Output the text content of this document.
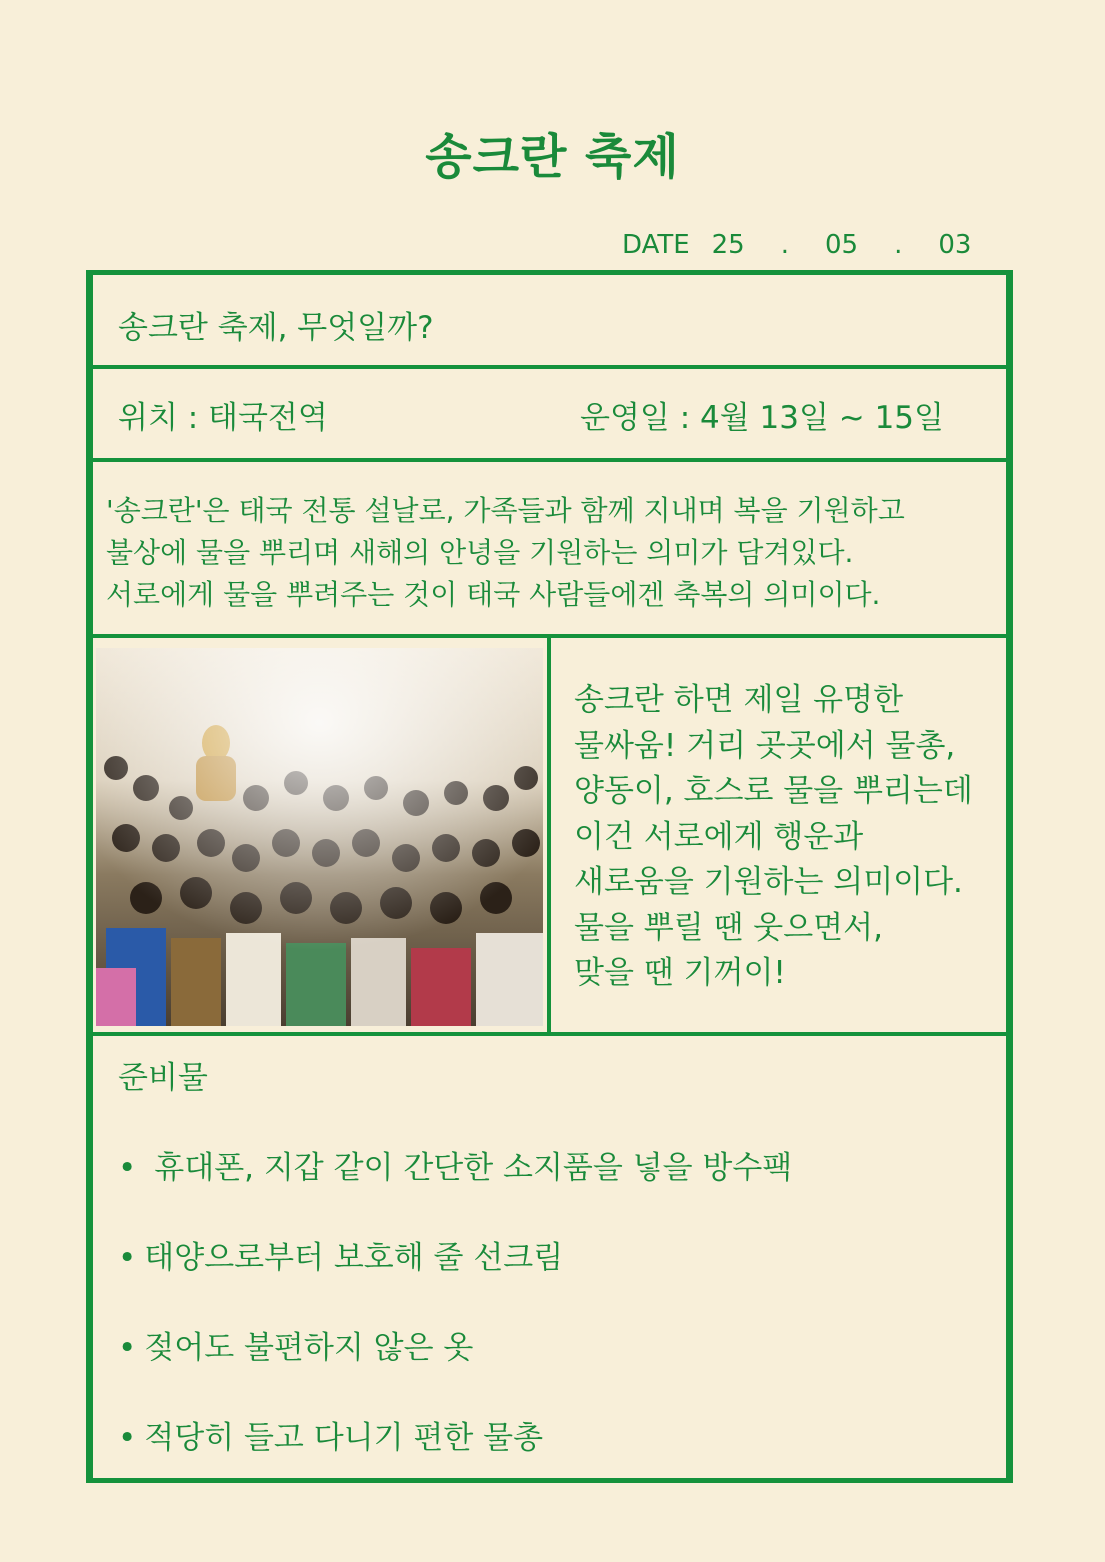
송크란 축제
DATE 25 . 05 . 03
송크란 축제, 무엇일까?
위치 : 태국전역	운영일 : 4월 13일 ~ 15일
'송크란'은 태국 전통 설날로, 가족들과 함께 지내며 복을 기원하고
불상에 물을 뿌리며 새해의 안녕을 기원하는 의미가 담겨있다.
서로에게 물을 뿌려주는 것이 태국 사람들에겐 축복의 의미이다.
송크란 하면 제일 유명한
물싸움! 거리 곳곳에서 물총,
양동이, 호스로 물을 뿌리는데
이건 서로에게 행운과
새로움을 기원하는 의미이다.
물을 뿌릴 땐 웃으면서,
맞을 땐 기꺼이!
준비물
• 휴대폰, 지갑 같이 간단한 소지품을 넣을 방수팩
• 태양으로부터 보호해 줄 선크림
• 젖어도 불편하지 않은 옷
• 적당히 들고 다니기 편한 물총
